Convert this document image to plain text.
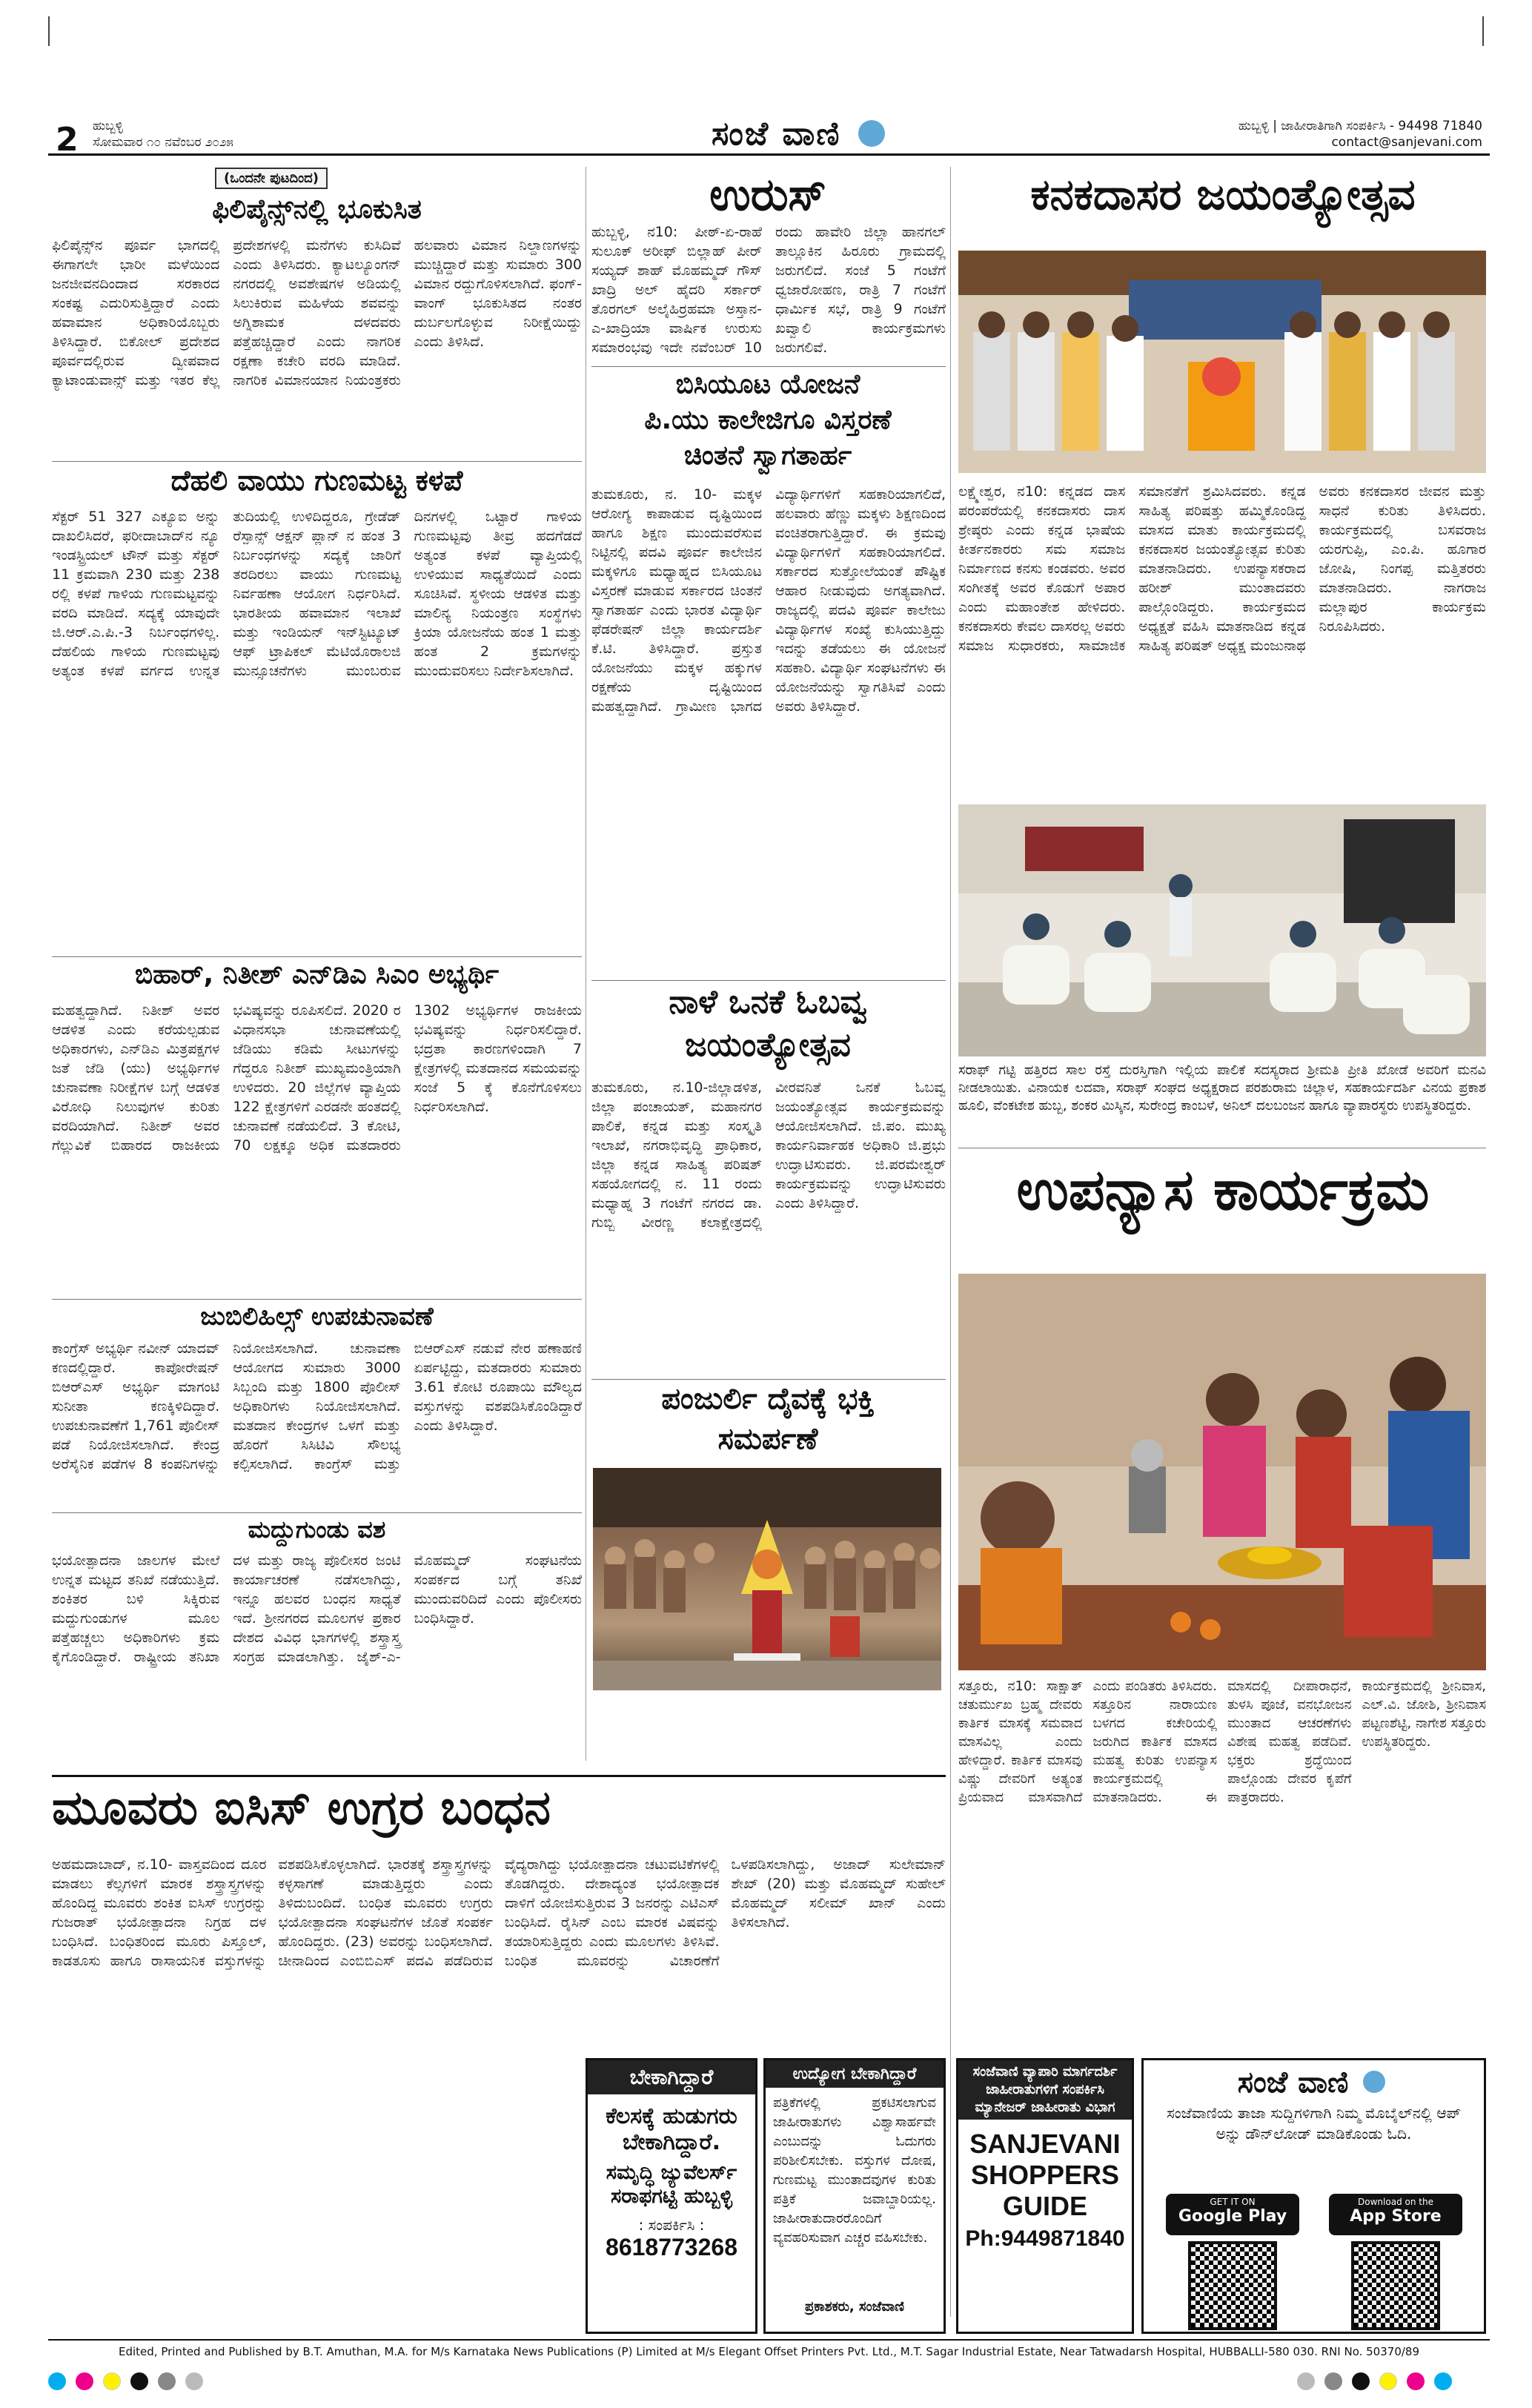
2 ಹುಬ್ಬಳ್ಳಿ
ಸೋಮವಾರ ೧೦ ನವೆಂಬರ ೨೦೨೫	ಸಂಜೆ ವಾಣಿ	ಹುಬ್ಬಳ್ಳಿ | ಜಾಹೀರಾತಿಗಾಗಿ ಸಂಪರ್ಕಿಸಿ - 94498 71840
contact@sanjevani.com
(ಒಂದನೇ ಪುಟದಿಂದ)
ಫಿಲಿಪೈನ್ಸ್‌ನಲ್ಲಿ ಭೂಕುಸಿತ
ಫಿಲಿಪೈನ್ಸ್‌ನ ಪೂರ್ವ ಭಾಗದಲ್ಲಿ ಈಗಾಗಲೇ ಭಾರೀ ಮಳೆಯಿಂದ ಜನಜೀವನದಿಂದಾದ ಸರಕಾರದ ಸಂಕಷ್ಟ ಎದುರಿಸುತ್ತಿದ್ದಾರೆ ಎಂದು ಹವಾಮಾನ ಅಧಿಕಾರಿಯೊಬ್ಬರು ತಿಳಿಸಿದ್ದಾರೆ. ಬಿಕೋಲ್ ಪ್ರದೇಶದ ಪೂರ್ವದಲ್ಲಿರುವ ದ್ವೀಪವಾದ ಕ್ಯಾಟಾಂಡುವಾನ್ಸ್ ಮತ್ತು ಇತರ ಕೆಲ್ಲ ಪ್ರದೇಶಗಳಲ್ಲಿ ಮನೆಗಳು ಕುಸಿದಿವೆ ಎಂದು ತಿಳಿಸಿದರು. ಕ್ಯಾಟಲ್ಯೂಂಗನ್ ನಗರದಲ್ಲಿ ಅವಶೇಷಗಳ ಅಡಿಯಲ್ಲಿ ಸಿಲುಕಿರುವ ಮಹಿಳೆಯ ಶವವನ್ನು ಅಗ್ನಿಶಾಮಕ ದಳದವರು ಪತ್ತೆಹಚ್ಚಿದ್ದಾರೆ ಎಂದು ನಾಗರಿಕ ರಕ್ಷಣಾ ಕಚೇರಿ ವರದಿ ಮಾಡಿದೆ. ನಾಗರಿಕ ವಿಮಾನಯಾನ ನಿಯಂತ್ರಕರು ಹಲವಾರು ವಿಮಾನ ನಿಲ್ದಾಣಗಳನ್ನು ಮುಚ್ಚಿದ್ದಾರೆ ಮತ್ತು ಸುಮಾರು 300 ವಿಮಾನ ರದ್ದುಗೊಳಿಸಲಾಗಿದೆ. ಫಂಗ್-ವಾಂಗ್ ಭೂಕುಸಿತದ ನಂತರ ದುರ್ಬಲಗೊಳ್ಳುವ ನಿರೀಕ್ಷೆಯಿದ್ದು ಎಂದು ತಿಳಿಸಿದೆ.
ದೆಹಲಿ ವಾಯು ಗುಣಮಟ್ಟ ಕಳಪೆ
ಸೆಕ್ಟರ್ 51 327 ಎಕ್ಯೂಐ ಅನ್ನು ದಾಖಲಿಸಿದರೆ, ಫರೀದಾಬಾದ್‌ನ ನ್ಯೂ ಇಂಡಸ್ಟ್ರಿಯಲ್ ಟೌನ್ ಮತ್ತು ಸೆಕ್ಟರ್ 11 ಕ್ರಮವಾಗಿ 230 ಮತ್ತು 238 ರಲ್ಲಿ ಕಳಪೆ ಗಾಳಿಯ ಗುಣಮಟ್ಟವನ್ನು ವರದಿ ಮಾಡಿದೆ. ಸದ್ಯಕ್ಕೆ ಯಾವುದೇ ಜಿ.ಆರ್.ಎ.ಪಿ.-3 ನಿರ್ಬಂಧಗಳಿಲ್ಲ. ದೆಹಲಿಯ ಗಾಳಿಯ ಗುಣಮಟ್ಟವು ಅತ್ಯಂತ ಕಳಪೆ ವರ್ಗದ ಉನ್ನತ ತುದಿಯಲ್ಲಿ ಉಳಿದಿದ್ದರೂ, ಗ್ರೇಡೆಡ್ ರೆಸ್ಪಾನ್ಸ್ ಆಕ್ಷನ್ ಪ್ಲಾನ್ ನ ಹಂತ 3 ನಿರ್ಬಂಧಗಳನ್ನು ಸದ್ಯಕ್ಕೆ ಜಾರಿಗೆ ತರದಿರಲು ವಾಯು ಗುಣಮಟ್ಟ ನಿರ್ವಹಣಾ ಆಯೋಗ ನಿರ್ಧರಿಸಿದೆ. ಭಾರತೀಯ ಹವಾಮಾನ ಇಲಾಖೆ ಮತ್ತು ಇಂಡಿಯನ್ ಇನ್‌ಸ್ಟಿಟ್ಯೂಟ್ ಆಫ್ ಟ್ರಾಪಿಕಲ್ ಮೆಟಿಯೊರಾಲಜಿ ಮುನ್ಸೂಚನೆಗಳು ಮುಂಬರುವ ದಿನಗಳಲ್ಲಿ ಒಟ್ಟಾರೆ ಗಾಳಿಯ ಗುಣಮಟ್ಟವು ತೀವ್ರ ಹದಗೆಡದೆ ಅತ್ಯಂತ ಕಳಪೆ ವ್ಯಾಪ್ತಿಯಲ್ಲಿ ಉಳಿಯುವ ಸಾಧ್ಯತೆಯಿದೆ ಎಂದು ಸೂಚಿಸಿವೆ. ಸ್ಥಳೀಯ ಆಡಳಿತ ಮತ್ತು ಮಾಲಿನ್ಯ ನಿಯಂತ್ರಣ ಸಂಸ್ಥೆಗಳು ಕ್ರಿಯಾ ಯೋಜನೆಯ ಹಂತ 1 ಮತ್ತು ಹಂತ 2 ಕ್ರಮಗಳನ್ನು ಮುಂದುವರಿಸಲು ನಿರ್ದೇಶಿಸಲಾಗಿದೆ.
ಬಿಹಾರ್, ನಿತೀಶ್ ಎನ್‌ಡಿಎ ಸಿಎಂ ಅಭ್ಯರ್ಥಿ
ಮಹತ್ವದ್ದಾಗಿದೆ. ನಿತೀಶ್ ಅವರ ಆಡಳಿತ ಎಂದು ಕರೆಯಲ್ಪಡುವ ಅಧಿಕಾರಗಳು, ಎನ್‌ಡಿಎ ಮಿತ್ರಪಕ್ಷಗಳ ಜತೆ ಜೆಡಿ (ಯು) ಅಭ್ಯರ್ಥಿಗಳ ಚುನಾವಣಾ ನಿರೀಕ್ಷೆಗಳ ಬಗ್ಗೆ ಆಡಳಿತ ವಿರೋಧಿ ನಿಲುವುಗಳ ಕುರಿತು ವರದಿಯಾಗಿದೆ. ನಿತೀಶ್ ಅವರ ಗೆಲ್ಲುವಿಕೆ ಬಿಹಾರದ ರಾಜಕೀಯ ಭವಿಷ್ಯವನ್ನು ರೂಪಿಸಲಿದೆ. 2020 ರ ವಿಧಾನಸಭಾ ಚುನಾವಣೆಯಲ್ಲಿ ಜೆಡಿಯು ಕಡಿಮೆ ಸೀಟುಗಳನ್ನು ಗೆದ್ದರೂ ನಿತೀಶ್ ಮುಖ್ಯಮಂತ್ರಿಯಾಗಿ ಉಳಿದರು. 20 ಜಿಲ್ಲೆಗಳ ವ್ಯಾಪ್ತಿಯ 122 ಕ್ಷೇತ್ರಗಳಿಗೆ ಎರಡನೇ ಹಂತದಲ್ಲಿ ಚುನಾವಣೆ ನಡೆಯಲಿದೆ. 3 ಕೋಟಿ, 70 ಲಕ್ಷಕ್ಕೂ ಅಧಿಕ ಮತದಾರರು 1302 ಅಭ್ಯರ್ಥಿಗಳ ರಾಜಕೀಯ ಭವಿಷ್ಯವನ್ನು ನಿರ್ಧರಿಸಲಿದ್ದಾರೆ. ಭದ್ರತಾ ಕಾರಣಗಳಿಂದಾಗಿ 7 ಕ್ಷೇತ್ರಗಳಲ್ಲಿ ಮತದಾನದ ಸಮಯವನ್ನು ಸಂಜೆ 5 ಕ್ಕೆ ಕೊನೆಗೊಳಿಸಲು ನಿರ್ಧರಿಸಲಾಗಿದೆ.
ಜುಬಿಲಿಹಿಲ್ಸ್ ಉಪಚುನಾವಣೆ
ಕಾಂಗ್ರೆಸ್ ಅಭ್ಯರ್ಥಿ ನವೀನ್ ಯಾದವ್ ಕಣದಲ್ಲಿದ್ದಾರೆ. ಕಾಪೋರೇಷನ್ ಬಿಆರ್‌ಎಸ್ ಅಭ್ಯರ್ಥಿ ಮಾಗಂಟಿ ಸುನೀತಾ ಕಣಕ್ಕಿಳಿದಿದ್ದಾರೆ. ಉಪಚುನಾವಣೆಗೆ 1,761 ಪೊಲೀಸ್ ಪಡೆ ನಿಯೋಜಿಸಲಾಗಿದೆ. ಕೇಂದ್ರ ಅರೆಸೈನಿಕ ಪಡೆಗಳ 8 ಕಂಪನಿಗಳನ್ನು ನಿಯೋಜಿಸಲಾಗಿದೆ. ಚುನಾವಣಾ ಆಯೋಗದ ಸುಮಾರು 3000 ಸಿಬ್ಬಂದಿ ಮತ್ತು 1800 ಪೊಲೀಸ್ ಅಧಿಕಾರಿಗಳು ನಿಯೋಜಿಸಲಾಗಿದೆ. ಮತದಾನ ಕೇಂದ್ರಗಳ ಒಳಗೆ ಮತ್ತು ಹೊರಗೆ ಸಿಸಿಟಿವಿ ಸೌಲಭ್ಯ ಕಲ್ಪಿಸಲಾಗಿದೆ. ಕಾಂಗ್ರೆಸ್ ಮತ್ತು ಬಿಆರ್‌ಎಸ್ ನಡುವೆ ನೇರ ಹಣಾಹಣಿ ಏರ್ಪಟ್ಟಿದ್ದು, ಮತದಾರರು ಸುಮಾರು 3.61 ಕೋಟಿ ರೂಪಾಯಿ ಮೌಲ್ಯದ ವಸ್ತುಗಳನ್ನು ವಶಪಡಿಸಿಕೊಂಡಿದ್ದಾರೆ ಎಂದು ತಿಳಿಸಿದ್ದಾರೆ.
ಮದ್ದುಗುಂಡು ವಶ
ಭಯೋತ್ಪಾದನಾ ಜಾಲಗಳ ಮೇಲೆ ಉನ್ನತ ಮಟ್ಟದ ತನಿಖೆ ನಡೆಯುತ್ತಿದೆ. ಶಂಕಿತರ ಬಳಿ ಸಿಕ್ಕಿರುವ ಮದ್ದುಗುಂಡುಗಳ ಮೂಲ ಪತ್ತೆಹಚ್ಚಲು ಅಧಿಕಾರಿಗಳು ಕ್ರಮ ಕೈಗೊಂಡಿದ್ದಾರೆ. ರಾಷ್ಟ್ರೀಯ ತನಿಖಾ ದಳ ಮತ್ತು ರಾಜ್ಯ ಪೊಲೀಸರ ಜಂಟಿ ಕಾರ್ಯಾಚರಣೆ ನಡೆಸಲಾಗಿದ್ದು, ಇನ್ನೂ ಹಲವರ ಬಂಧನ ಸಾಧ್ಯತೆ ಇದೆ. ಶ್ರೀನಗರದ ಮೂಲಗಳ ಪ್ರಕಾರ ದೇಶದ ವಿವಿಧ ಭಾಗಗಳಲ್ಲಿ ಶಸ್ತ್ರಾಸ್ತ್ರ ಸಂಗ್ರಹ ಮಾಡಲಾಗಿತ್ತು. ಜೈಶ್-ಎ-ಮೊಹಮ್ಮದ್ ಸಂಘಟನೆಯ ಸಂಪರ್ಕದ ಬಗ್ಗೆ ತನಿಖೆ ಮುಂದುವರಿದಿದೆ ಎಂದು ಪೊಲೀಸರು ಬಂಧಿಸಿದ್ದಾರೆ.
ಉರುಸ್
ಹುಬ್ಬಳ್ಳಿ, ನ10: ಪೀಠ್-ಏ-ರಾಹೆ ಸುಲೂಕ್ ಅರೀಫ್ ಬಿಲ್ಲಾಹ್ ಪೀರ್ ಸಯ್ಯದ್ ಶಾಹ್ ಮೊಹಮ್ಮದ್ ಗೌಸ್ ಖಾದ್ರಿ ಅಲ್ ಹೈದರಿ ಸರ್ಕಾರ್ ತೊರಗಲ್ ಅಲೈಹಿರ್ರಹಮಾ ಅಸ್ತಾನ-ಎ-ಖಾದ್ರಿಯಾ ವಾರ್ಷಿಕ ಉರುಸು ಸಮಾರಂಭವು ಇದೇ ನವೆಂಬರ್ 10 ರಂದು ಹಾವೇರಿ ಜಿಲ್ಲಾ ಹಾನಗಲ್ ತಾಲ್ಲೂಕಿನ ಹಿರೂರು ಗ್ರಾಮದಲ್ಲಿ ಜರುಗಲಿದೆ. ಸಂಜೆ 5 ಗಂಟೆಗೆ ಧ್ವಜಾರೋಹಣ, ರಾತ್ರಿ 7 ಗಂಟೆಗೆ ಧಾರ್ಮಿಕ ಸಭೆ, ರಾತ್ರಿ 9 ಗಂಟೆಗೆ ಖವ್ವಾಲಿ ಕಾರ್ಯಕ್ರಮಗಳು ಜರುಗಲಿವೆ.
ಬಿಸಿಯೂಟ ಯೋಜನೆ
ಪಿ.ಯು ಕಾಲೇಜಿಗೂ ವಿಸ್ತರಣೆ
ಚಿಂತನೆ ಸ್ವಾಗತಾರ್ಹ
ತುಮಕೂರು, ನ. 10- ಮಕ್ಕಳ ಆರೋಗ್ಯ ಕಾಪಾಡುವ ದೃಷ್ಟಿಯಿಂದ ಹಾಗೂ ಶಿಕ್ಷಣ ಮುಂದುವರೆಸುವ ನಿಟ್ಟಿನಲ್ಲಿ ಪದವಿ ಪೂರ್ವ ಕಾಲೇಜಿನ ಮಕ್ಕಳಿಗೂ ಮಧ್ಯಾಹ್ನದ ಬಿಸಿಯೂಟ ವಿಸ್ತರಣೆ ಮಾಡುವ ಸರ್ಕಾರದ ಚಿಂತನೆ ಸ್ವಾಗತಾರ್ಹ ಎಂದು ಭಾರತ ವಿದ್ಯಾರ್ಥಿ ಫೆಡರೇಷನ್ ಜಿಲ್ಲಾ ಕಾರ್ಯದರ್ಶಿ ಕೆ.ಟಿ. ತಿಳಿಸಿದ್ದಾರೆ. ಪ್ರಸ್ತುತ ಯೋಜನೆಯು ಮಕ್ಕಳ ಹಕ್ಕುಗಳ ರಕ್ಷಣೆಯ ದೃಷ್ಟಿಯಿಂದ ಮಹತ್ವದ್ದಾಗಿದೆ. ಗ್ರಾಮೀಣ ಭಾಗದ ವಿದ್ಯಾರ್ಥಿಗಳಿಗೆ ಸಹಕಾರಿಯಾಗಲಿದೆ, ಹಲವಾರು ಹೆಣ್ಣು ಮಕ್ಕಳು ಶಿಕ್ಷಣದಿಂದ ವಂಚಿತರಾಗುತ್ತಿದ್ದಾರೆ. ಈ ಕ್ರಮವು ವಿದ್ಯಾರ್ಥಿಗಳಿಗೆ ಸಹಕಾರಿಯಾಗಲಿದೆ. ಸರ್ಕಾರದ ಸುತ್ತೋಲೆಯಂತೆ ಪೌಷ್ಟಿಕ ಆಹಾರ ನೀಡುವುದು ಅಗತ್ಯವಾಗಿದೆ. ರಾಜ್ಯದಲ್ಲಿ ಪದವಿ ಪೂರ್ವ ಕಾಲೇಜು ವಿದ್ಯಾರ್ಥಿಗಳ ಸಂಖ್ಯೆ ಕುಸಿಯುತ್ತಿದ್ದು ಇದನ್ನು ತಡೆಯಲು ಈ ಯೋಜನೆ ಸಹಕಾರಿ. ವಿದ್ಯಾರ್ಥಿ ಸಂಘಟನೆಗಳು ಈ ಯೋಜನೆಯನ್ನು ಸ್ವಾಗತಿಸಿವೆ ಎಂದು ಅವರು ತಿಳಿಸಿದ್ದಾರೆ.
ನಾಳೆ ಒನಕೆ ಓಬವ್ವ
ಜಯಂತ್ಯೋತ್ಸವ
ತುಮಕೂರು, ನ.10-ಜಿಲ್ಲಾಡಳಿತ, ಜಿಲ್ಲಾ ಪಂಚಾಯತ್, ಮಹಾನಗರ ಪಾಲಿಕೆ, ಕನ್ನಡ ಮತ್ತು ಸಂಸ್ಕೃತಿ ಇಲಾಖೆ, ನಗರಾಭಿವೃದ್ಧಿ ಪ್ರಾಧಿಕಾರ, ಜಿಲ್ಲಾ ಕನ್ನಡ ಸಾಹಿತ್ಯ ಪರಿಷತ್ ಸಹಯೋಗದಲ್ಲಿ ನ. 11 ರಂದು ಮಧ್ಯಾಹ್ನ 3 ಗಂಟೆಗೆ ನಗರದ ಡಾ. ಗುಬ್ಬಿ ವೀರಣ್ಣ ಕಲಾಕ್ಷೇತ್ರದಲ್ಲಿ ವೀರವನಿತೆ ಒನಕೆ ಓಬವ್ವ ಜಯಂತ್ಯೋತ್ಸವ ಕಾರ್ಯಕ್ರಮವನ್ನು ಆಯೋಜಿಸಲಾಗಿದೆ. ಜಿ.ಪಂ. ಮುಖ್ಯ ಕಾರ್ಯನಿರ್ವಾಹಕ ಅಧಿಕಾರಿ ಜಿ.ಪ್ರಭು ಉದ್ಘಾಟಿಸುವರು. ಜಿ.ಪರಮೇಶ್ವರ್ ಕಾರ್ಯಕ್ರಮವನ್ನು ಉದ್ಘಾಟಿಸುವರು ಎಂದು ತಿಳಿಸಿದ್ದಾರೆ.
ಪಂಜುರ್ಲಿ ದೈವಕ್ಕೆ ಭಕ್ತಿ
ಸಮರ್ಪಣೆ
ಕನಕದಾಸರ ಜಯಂತ್ಯೋತ್ಸವ
ಲಕ್ಷ್ಮೇಶ್ವರ, ನ10: ಕನ್ನಡದ ದಾಸ ಪರಂಪರೆಯಲ್ಲಿ ಕನಕದಾಸರು ದಾಸ ಶ್ರೇಷ್ಠರು ಎಂದು ಕನ್ನಡ ಭಾಷೆಯ ಕೀರ್ತನಕಾರರು ಸಮ ಸಮಾಜ ನಿರ್ಮಾಣದ ಕನಸು ಕಂಡವರು. ಅವರ ಸಂಗೀತಕ್ಕೆ ಅವರ ಕೊಡುಗೆ ಅಪಾರ ಎಂದು ಮಹಾಂತೇಶ ಹೇಳಿದರು. ಕನಕದಾಸರು ಕೇವಲ ದಾಸರಲ್ಲ ಅವರು ಸಮಾಜ ಸುಧಾರಕರು, ಸಾಮಾಜಿಕ ಸಮಾನತೆಗೆ ಶ್ರಮಿಸಿದವರು. ಕನ್ನಡ ಸಾಹಿತ್ಯ ಪರಿಷತ್ತು ಹಮ್ಮಿಕೊಂಡಿದ್ದ ಮಾಸದ ಮಾತು ಕಾರ್ಯಕ್ರಮದಲ್ಲಿ ಕನಕದಾಸರ ಜಯಂತ್ಯೋತ್ಸವ ಕುರಿತು ಮಾತನಾಡಿದರು. ಉಪನ್ಯಾಸಕರಾದ ಹರೀಶ್ ಮುಂತಾದವರು ಪಾಲ್ಗೊಂಡಿದ್ದರು. ಕಾರ್ಯಕ್ರಮದ ಅಧ್ಯಕ್ಷತೆ ವಹಿಸಿ ಮಾತನಾಡಿದ ಕನ್ನಡ ಸಾಹಿತ್ಯ ಪರಿಷತ್ ಅಧ್ಯಕ್ಷ ಮಂಜುನಾಥ ಅವರು ಕನಕದಾಸರ ಜೀವನ ಮತ್ತು ಸಾಧನೆ ಕುರಿತು ತಿಳಿಸಿದರು. ಕಾರ್ಯಕ್ರಮದಲ್ಲಿ ಬಸವರಾಜ ಯರಗುಪ್ಪಿ, ಎಂ.ಪಿ. ಹೂಗಾರ ಜೋಷಿ, ನಿಂಗಪ್ಪ ಮತ್ತಿತರರು ಮಾತನಾಡಿದರು. ನಾಗರಾಜ ಮಲ್ಲಾಪುರ ಕಾರ್ಯಕ್ರಮ ನಿರೂಪಿಸಿದರು.
ಸರಾಫ್ ಗಟ್ಟಿ ಹತ್ತಿರದ ಸಾಲ ರಸ್ತೆ ದುರಸ್ತಿಗಾಗಿ ಇಲ್ಲಿಯ ಪಾಲಿಕೆ ಸದಸ್ಯರಾದ ಶ್ರೀಮತಿ ಪ್ರೀತಿ ಖೋಡೆ ಅವರಿಗೆ ಮನವಿ ನೀಡಲಾಯಿತು. ವಿನಾಯಕ ಲದವಾ, ಸರಾಫ್ ಸಂಘದ ಅಧ್ಯಕ್ಷರಾದ ಪರಶುರಾಮ ಚಿಲ್ಲಾಳ, ಸಹಕಾರ್ಯದರ್ಶಿ ವಿನಯ ಪ್ರಕಾಶ ಹೂಲಿ, ವೆಂಕಟೇಶ ಹುಬ್ಬ, ಶಂಕರ ಮಿಸ್ಕಿನ, ಸುರೇಂದ್ರ ಕಾಂಬಳೆ, ಅನಿಲ್ ದಲಬಂಜನ ಹಾಗೂ ವ್ಯಾಪಾರಸ್ಥರು ಉಪಸ್ಥಿತರಿದ್ದರು.
ಉಪನ್ಯಾಸ ಕಾರ್ಯಕ್ರಮ
ಸತ್ತೂರು, ನ10: ಸಾಕ್ಷಾತ್ ಚತುರ್ಮುಖ ಬ್ರಹ್ಮ ದೇವರು ಕಾರ್ತಿಕ ಮಾಸಕ್ಕೆ ಸಮವಾದ ಮಾಸವಿಲ್ಲ ಎಂದು ಹೇಳಿದ್ದಾರೆ. ಕಾರ್ತಿಕ ಮಾಸವು ವಿಷ್ಣು ದೇವರಿಗೆ ಅತ್ಯಂತ ಪ್ರಿಯವಾದ ಮಾಸವಾಗಿದೆ ಎಂದು ಪಂಡಿತರು ತಿಳಿಸಿದರು. ಸತ್ತೂರಿನ ನಾರಾಯಣ ಬಳಗದ ಕಚೇರಿಯಲ್ಲಿ ಜರುಗಿದ ಕಾರ್ತಿಕ ಮಾಸದ ಮಹತ್ವ ಕುರಿತು ಉಪನ್ಯಾಸ ಕಾರ್ಯಕ್ರಮದಲ್ಲಿ ಮಾತನಾಡಿದರು. ಈ ಮಾಸದಲ್ಲಿ ದೀಪಾರಾಧನೆ, ತುಳಸಿ ಪೂಜೆ, ವನಭೋಜನ ಮುಂತಾದ ಆಚರಣೆಗಳು ವಿಶೇಷ ಮಹತ್ವ ಪಡೆದಿವೆ. ಭಕ್ತರು ಶ್ರದ್ಧೆಯಿಂದ ಪಾಲ್ಗೊಂಡು ದೇವರ ಕೃಪೆಗೆ ಪಾತ್ರರಾದರು. ಕಾರ್ಯಕ್ರಮದಲ್ಲಿ ಶ್ರೀನಿವಾಸ, ಎಲ್.ವಿ. ಜೋಶಿ, ಶ್ರೀನಿವಾಸ ಪಟ್ಟಣಶೆಟ್ಟಿ, ನಾಗೇಶ ಸತ್ತೂರು ಉಪಸ್ಥಿತರಿದ್ದರು.
ಮೂವರು ಐಸಿಸ್ ಉಗ್ರರ ಬಂಧನ
ಅಹಮದಾಬಾದ್, ನ.10- ವಾಸ್ತವದಿಂದ ದೂರ ಮಾಡಲು ಕೆಲ್ಸಗಳಿಗೆ ಮಾರಕ ಶಸ್ತ್ರಾಸ್ತ್ರಗಳನ್ನು ಹೊಂದಿದ್ದ ಮೂವರು ಶಂಕಿತ ಐಸಿಸ್ ಉಗ್ರರನ್ನು ಗುಜರಾತ್ ಭಯೋತ್ಪಾದನಾ ನಿಗ್ರಹ ದಳ ಬಂಧಿಸಿದೆ. ಬಂಧಿತರಿಂದ ಮೂರು ಪಿಸ್ತೂಲ್, ಕಾಡತೂಸು ಹಾಗೂ ರಾಸಾಯನಿಕ ವಸ್ತುಗಳನ್ನು ವಶಪಡಿಸಿಕೊಳ್ಳಲಾಗಿದೆ. ಭಾರತಕ್ಕೆ ಶಸ್ತ್ರಾಸ್ತ್ರಗಳನ್ನು ಕಳ್ಳಸಾಗಣೆ ಮಾಡುತ್ತಿದ್ದರು ಎಂದು ತಿಳಿದುಬಂದಿದೆ. ಬಂಧಿತ ಮೂವರು ಉಗ್ರರು ಭಯೋತ್ಪಾದನಾ ಸಂಘಟನೆಗಳ ಜೊತೆ ಸಂಪರ್ಕ ಹೊಂದಿದ್ದರು. (23) ಅವರನ್ನು ಬಂಧಿಸಲಾಗಿದೆ. ಚೀನಾದಿಂದ ಎಂಬಿಬಿಎಸ್ ಪದವಿ ಪಡೆದಿರುವ ವೈದ್ಯರಾಗಿದ್ದು ಭಯೋತ್ಪಾದನಾ ಚಟುವಟಿಕೆಗಳಲ್ಲಿ ತೊಡಗಿದ್ದರು. ದೇಶಾದ್ಯಂತ ಭಯೋತ್ಪಾದಕ ದಾಳಿಗೆ ಯೋಜಿಸುತ್ತಿರುವ 3 ಜನರನ್ನು ಎಟಿಎಸ್ ಬಂಧಿಸಿದೆ. ರೈಸಿನ್ ಎಂಬ ಮಾರಕ ವಿಷವನ್ನು ತಯಾರಿಸುತ್ತಿದ್ದರು ಎಂದು ಮೂಲಗಳು ತಿಳಿಸಿವೆ. ಬಂಧಿತ ಮೂವರನ್ನು ವಿಚಾರಣೆಗೆ ಒಳಪಡಿಸಲಾಗಿದ್ದು, ಅಜಾದ್ ಸುಲೇಮಾನ್ ಶೇಖ್ (20) ಮತ್ತು ಮೊಹಮ್ಮದ್ ಸುಹೇಲ್ ಮೊಹಮ್ಮದ್ ಸಲೀಮ್ ಖಾನ್ ಎಂದು ತಿಳಿಸಲಾಗಿದೆ.
ಬೇಕಾಗಿದ್ದಾರೆ
ಕೆಲಸಕ್ಕೆ ಹುಡುಗರು
ಬೇಕಾಗಿದ್ದಾರೆ.
ಸಮೃದ್ಧಿ ಜ್ಯುವೆಲರ್ಸ್
ಸರಾಫಗಟ್ಟಿ ಹುಬ್ಬಳ್ಳಿ
: ಸಂಪರ್ಕಿಸಿ :
8618773268
ಉದ್ಯೋಗ ಬೇಕಾಗಿದ್ದಾರೆ
ಪತ್ರಿಕೆಗಳಲ್ಲಿ ಪ್ರಕಟಿಸಲಾಗುವ ಜಾಹೀರಾತುಗಳು ವಿಶ್ವಾಸಾರ್ಹವೇ ಎಂಬುದನ್ನು ಓದುಗರು ಪರಿಶೀಲಿಸಬೇಕು. ವಸ್ತುಗಳ ದೋಷ, ಗುಣಮಟ್ಟ ಮುಂತಾದವುಗಳ ಕುರಿತು ಪತ್ರಿಕೆ ಜವಾಬ್ದಾರಿಯಲ್ಲ. ಜಾಹೀರಾತುದಾರರೊಂದಿಗೆ ವ್ಯವಹರಿಸುವಾಗ ಎಚ್ಚರ ವಹಿಸಬೇಕು.
ಪ್ರಕಾಶಕರು, ಸಂಜೆವಾಣಿ
ಸಂಜೆವಾಣಿ ವ್ಯಾಪಾರಿ ಮಾರ್ಗದರ್ಶಿ
ಜಾಹೀರಾತುಗಳಿಗೆ ಸಂಪರ್ಕಿಸಿ
ಮ್ಯಾನೇಜರ್ ಜಾಹೀರಾತು ವಿಭಾಗ
SANJEVANI
SHOPPERS
GUIDE
Ph:9449871840
ಸಂಜೆ ವಾಣಿ
ಸಂಜೆವಾಣಿಯ ತಾಜಾ ಸುದ್ದಿಗಳಿಗಾಗಿ ನಿಮ್ಮ ಮೊಬೈಲ್‌ನಲ್ಲಿ ಆಪ್ ಅನ್ನು ಡೌನ್‌ಲೋಡ್ ಮಾಡಿಕೊಂಡು ಓದಿ.
GET IT ON
Google Play
Download on the
App Store
Edited, Printed and Published by B.T. Amuthan, M.A. for M/s Karnataka News Publications (P) Limited at M/s Elegant Offset Printers Pvt. Ltd., M.T. Sagar Industrial Estate, Near Tatwadarsh Hospital, HUBBALLI-580 030. RNI No. 50370/89
